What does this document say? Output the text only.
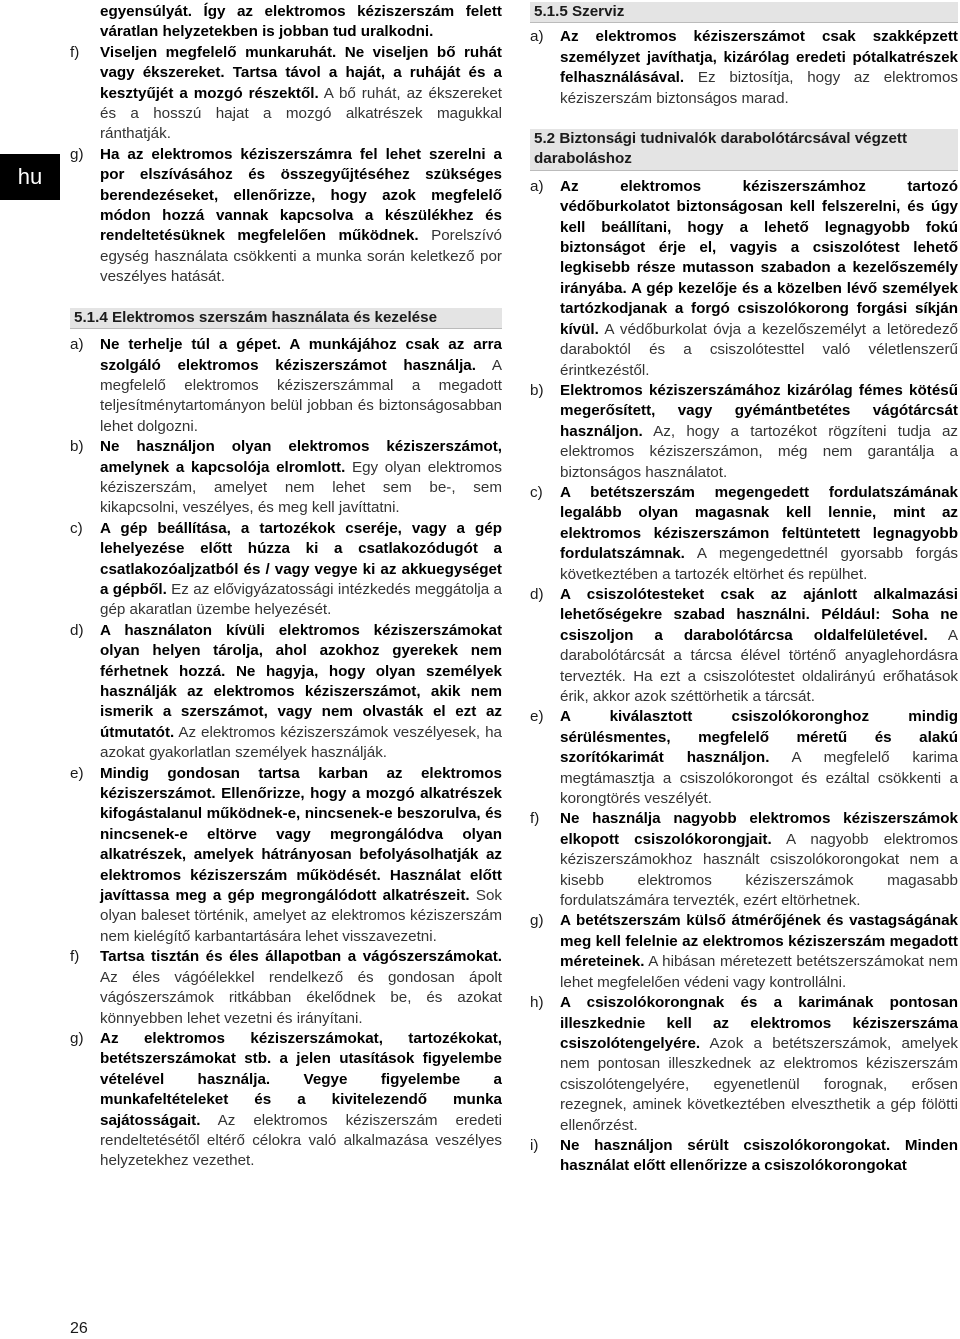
hu

egyensúlyát. Így az elektromos kéziszerszám felett váratlan helyzetekben is jobban tud uralkodni.

f)	Viseljen megfelelő munkaruhát. Ne viseljen bő ruhát vagy ékszereket. Tartsa távol a haját, a ruháját és a kesztyűjét a mozgó részektől. A bő ruhát, az ékszereket és a hosszú hajat a mozgó alkatrészek magukkal ránthatják.
g)	Ha az elektromos kéziszerszámra fel lehet szerelni a por elszívásához és összegyűjtéséhez szükséges berendezéseket, ellenőrizze, hogy azok megfelelő módon hozzá vannak kapcsolva a készülékhez és rendeltetésüknek megfelelően működnek. Porelszívó egység használata csökkenti a munka során keletkező por veszélyes hatását.
5.1.4 Elektromos szerszám használata és kezelése
a)	Ne terhelje túl a gépet. A munkájához csak az arra szolgáló elektromos kéziszerszámot használja. A megfelelő elektromos kéziszerszámmal a megadott teljesítménytartományon belül jobban és biztonságosabban lehet dolgozni.
b)	Ne használjon olyan elektromos kéziszerszámot, amelynek a kapcsolója elromlott. Egy olyan elektromos kéziszerszám, amelyet nem lehet sem be-, sem kikapcsolni, veszélyes, és meg kell javíttatni.
c)	A gép beállítása, a tartozékok cseréje, vagy a gép lehelyezése előtt húzza ki a csatlakozódugót a csatlakozóaljzatból és / vagy vegye ki az akkuegységet a gépből. Ez az elővigyázatossági intézkedés meggátolja a gép akaratlan üzembe helyezését.
d)	A használaton kívüli elektromos kéziszerszámokat olyan helyen tárolja, ahol azokhoz gyerekek nem férhetnek hozzá. Ne hagyja, hogy olyan személyek használják az elektromos kéziszerszámot, akik nem ismerik a szerszámot, vagy nem olvasták el ezt az útmutatót. Az elektromos kéziszerszámok veszélyesek, ha azokat gyakorlatlan személyek használják.
e)	Mindig gondosan tartsa karban az elektromos kéziszerszámot. Ellenőrizze, hogy a mozgó alkatrészek kifogástalanul működnek-e, nincsenek-e beszorulva, és nincsenek-e eltörve vagy megrongálódva olyan alkatrészek, amelyek hátrányosan befolyásolhatják az elektromos kéziszerszám működését. Használat előtt javíttassa meg a gép megrongálódott alkatrészeit. Sok olyan baleset történik, amelyet az elektromos kéziszerszám nem kielégítő karbantartására lehet visszavezetni.
f)	Tartsa tisztán és éles állapotban a vágószerszámokat. Az éles vágóélekkel rendelkező és gondosan ápolt vágószerszámok ritkábban ékelődnek be, és azokat könnyebben lehet vezetni és irányítani.
g)	Az elektromos kéziszerszámokat, tartozékokat, betétszerszámokat stb. a jelen utasítások figyelembe vételével használja. Vegye figyelembe a munkafeltételeket és a kivitelezendő munka sajátosságait. Az elektromos kéziszerszám eredeti rendeltetésétől eltérő célokra való alkalmazása veszélyes helyzetekhez vezethet.
5.1.5 Szerviz
a)	Az elektromos kéziszerszámot csak szakképzett személyzet javíthatja, kizárólag eredeti pótalkatrészek felhasználásával. Ez biztosítja, hogy az elektromos kéziszerszám biztonságos marad.
5.2 Biztonsági tudnivalók darabolótárcsával végzett daraboláshoz
a)	Az elektromos kéziszerszámhoz tartozó védőburkolatot biztonságosan kell felszerelni, és úgy kell beállítani, hogy a lehető legnagyobb fokú biztonságot érje el, vagyis a csiszolótest lehető legkisebb része mutasson szabadon a kezelőszemély irányába. A gép kezelője és a közelben lévő személyek tartózkodjanak a forgó csiszolókorong forgási síkján kívül. A védőburkolat óvja a kezelőszemélyt a letöredező daraboktól és a csiszolótesttel való véletlenszerű érintkezéstől.
b)	Elektromos kéziszerszámához kizárólag fémes kötésű megerősített, vagy gyémántbetétes vágótárcsát használjon. Az, hogy a tartozékot rögzíteni tudja az elektromos kéziszerszámon, még nem garantálja a biztonságos használatot.
c)	A betétszerszám megengedett fordulatszámának legalább olyan magasnak kell lennie, mint az elektromos kéziszerszámon feltüntetett legnagyobb fordulatszámnak. A megengedettnél gyorsabb forgás következtében a tartozék eltörhet és repülhet.
d)	A csiszolótesteket csak az ajánlott alkalmazási lehetőségekre szabad használni. Például: Soha ne csiszoljon a darabolótárcsa oldalfelületével. A darabolótárcsát a tárcsa élével történő anyaglehordásra tervezték. Ha ezt a csiszolótestet oldalirányú erőhatások érik, akkor azok széttörhetik a tárcsát.
e)	A kiválasztott csiszolókoronghoz mindig sérülésmentes, megfelelő méretű és alakú szorítókarimát használjon. A megfelelő karima megtámasztja a csiszolókorongot és ezáltal csökkenti a korongtörés veszélyét.
f)	Ne használja nagyobb elektromos kéziszerszámok elkopott csiszolókorongjait. A nagyobb elektromos kéziszerszámokhoz használt csiszolókorongokat nem a kisebb elektromos kéziszerszámok magasabb fordulatszámára tervezték, ezért eltörhetnek.
g)	A betétszerszám külső átmérőjének és vastagságának meg kell felelnie az elektromos kéziszerszám megadott méreteinek. A hibásan méretezett betétszerszámokat nem lehet megfelelően védeni vagy kontrollálni.
h)	A csiszolókorongnak és a karimának pontosan illeszkednie kell az elektromos kéziszerszáma csiszolótengelyére. Azok a betétszerszámok, amelyek nem pontosan illeszkednek az elektromos kéziszerszám csiszolótengelyére, egyenetlenül forognak, erősen rezegnek, aminek következtében elveszthetik a gép fölötti ellenőrzést.
i)	Ne használjon sérült csiszolókorongokat. Minden használat előtt ellenőrizze a csiszolókorongokat
26
